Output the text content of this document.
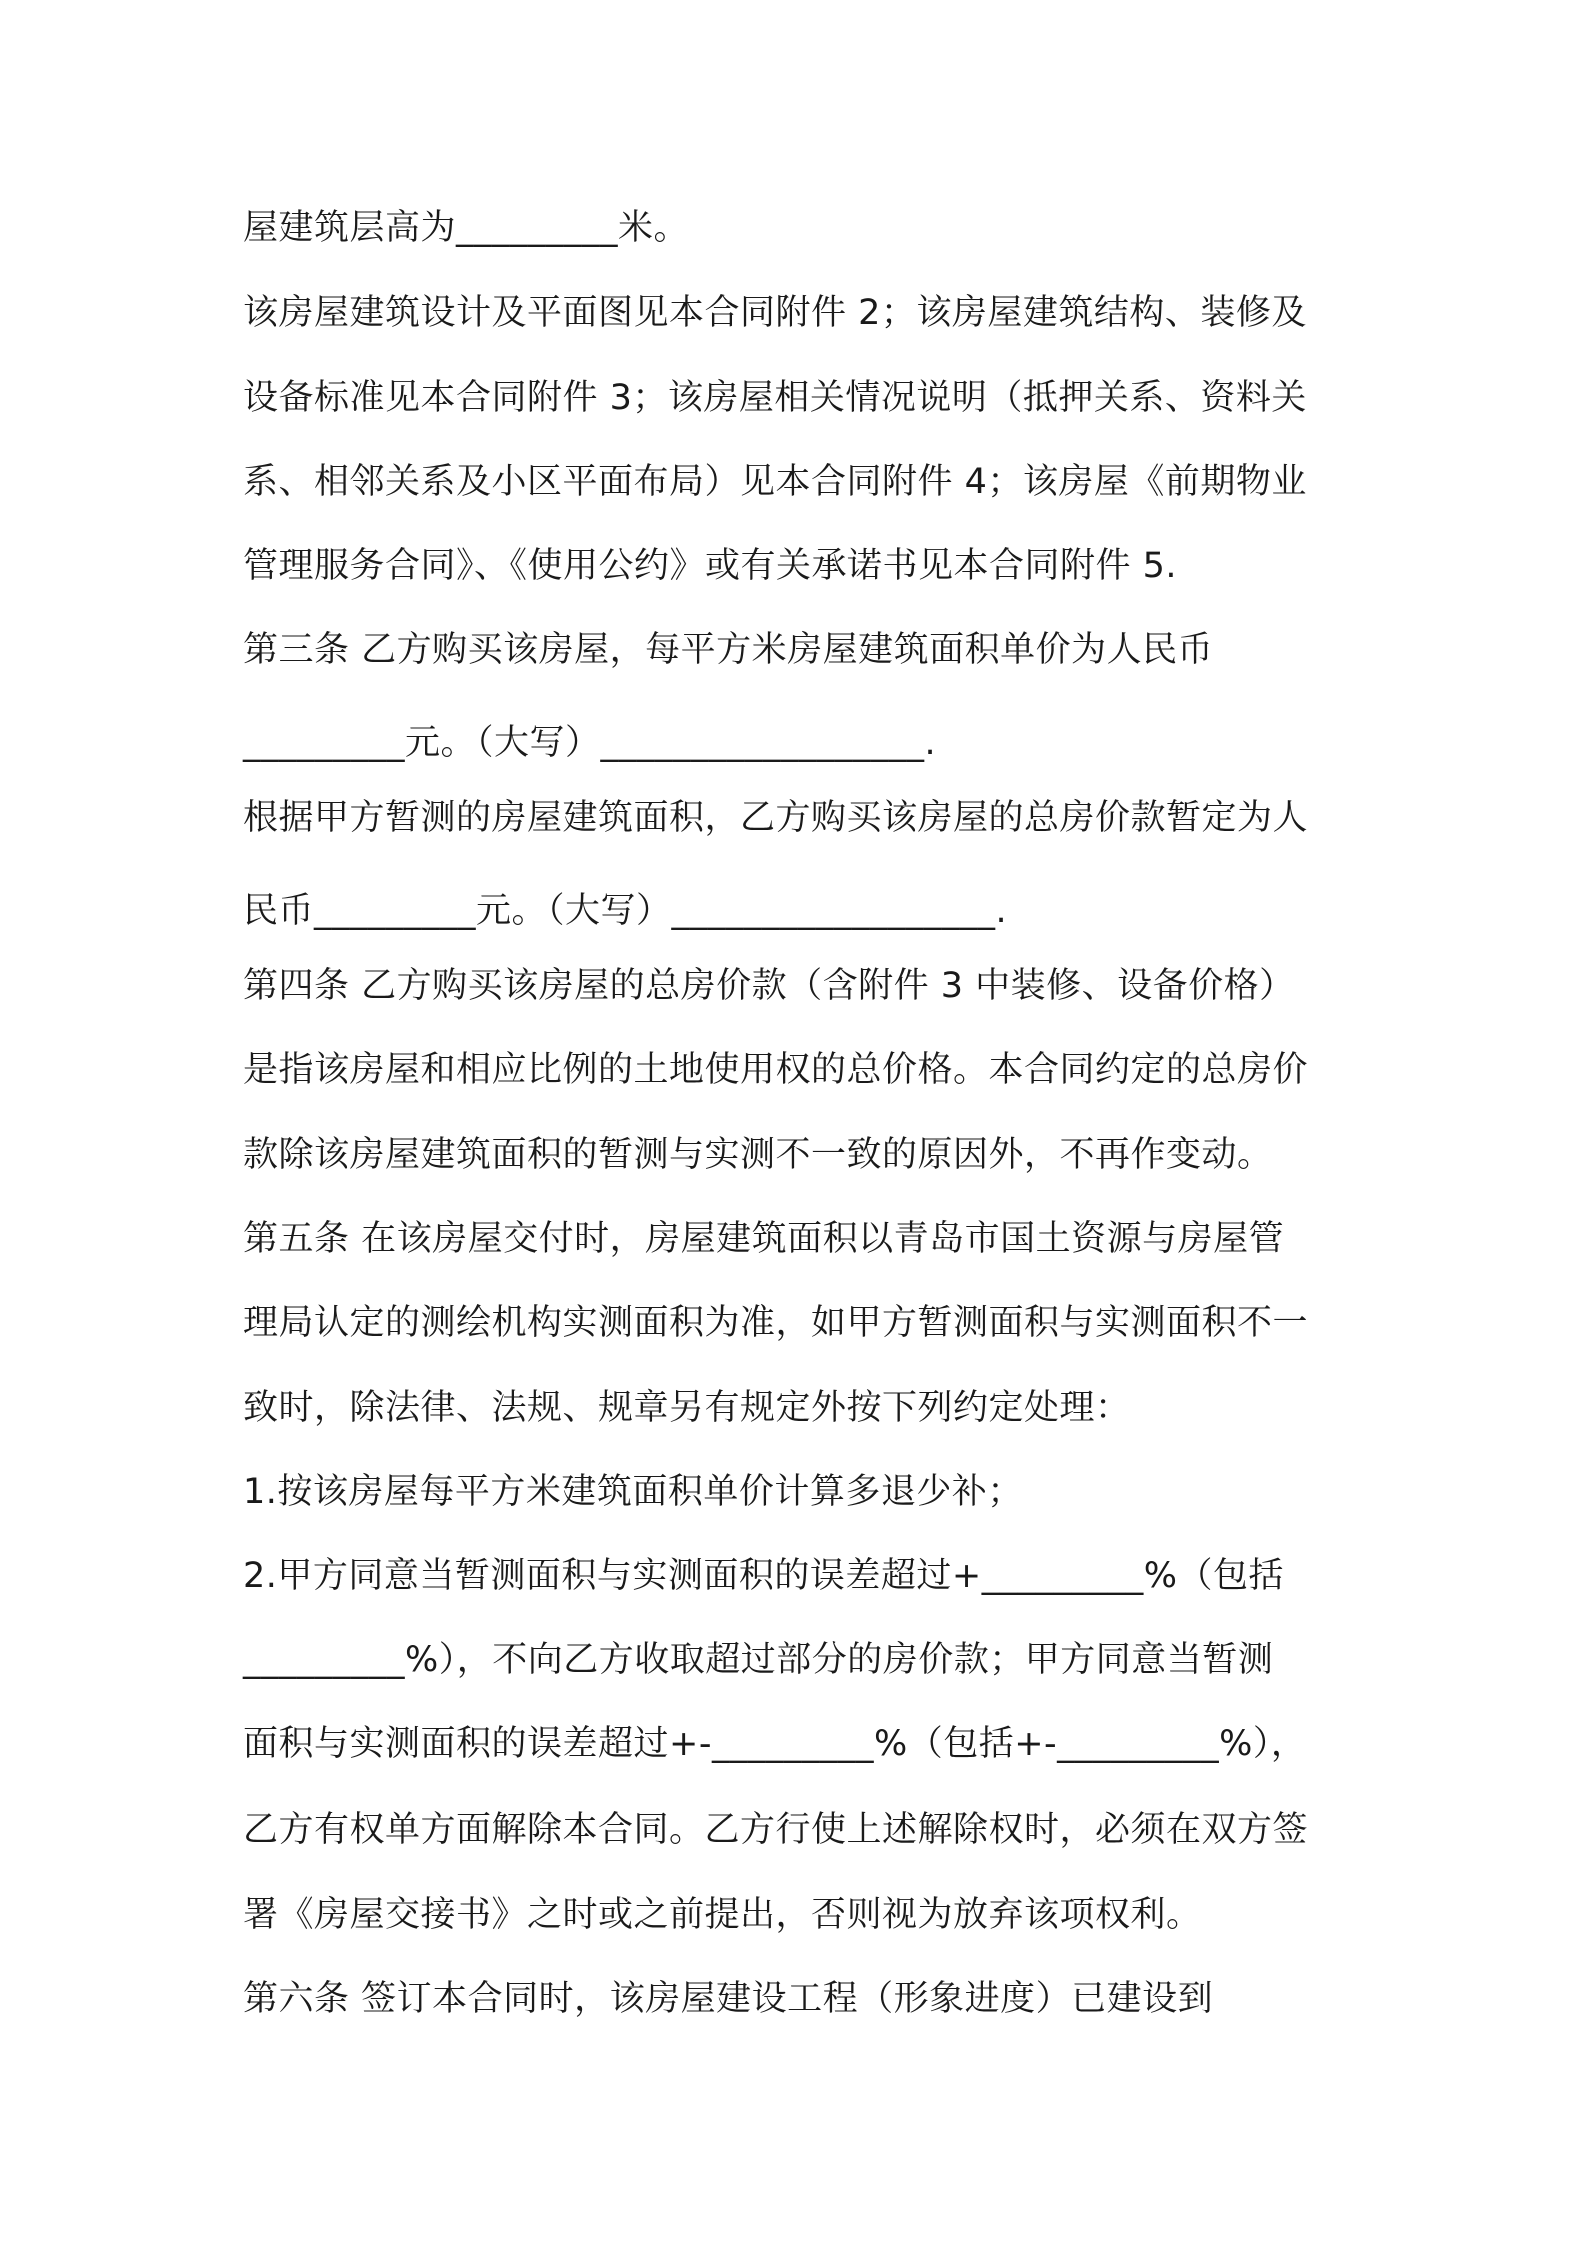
屋建筑层高为_________米。
该房屋建筑设计及平面图见本合同附件 2；该房屋建筑结构、装修及
设备标准见本合同附件 3；该房屋相关情况说明（抵押关系、资料关
系、相邻关系及小区平面布局）见本合同附件 4；该房屋《前期物业
管理服务合同》、《使用公约》或有关承诺书见本合同附件 5.
第三条 乙方购买该房屋，每平方米房屋建筑面积单价为人民币
_________元。（大写）__________________.
根据甲方暂测的房屋建筑面积，乙方购买该房屋的总房价款暂定为人
民币_________元。（大写）__________________.
第四条 乙方购买该房屋的总房价款（含附件 3 中装修、设备价格）
是指该房屋和相应比例的土地使用权的总价格。本合同约定的总房价
款除该房屋建筑面积的暂测与实测不一致的原因外，不再作变动。
第五条 在该房屋交付时，房屋建筑面积以青岛市国土资源与房屋管
理局认定的测绘机构实测面积为准，如甲方暂测面积与实测面积不一
致时，除法律、法规、规章另有规定外按下列约定处理：
1.按该房屋每平方米建筑面积单价计算多退少补；
2.甲方同意当暂测面积与实测面积的误差超过+_________%（包括
_________%），不向乙方收取超过部分的房价款；甲方同意当暂测
面积与实测面积的误差超过+-_________%（包括+-_________%），
乙方有权单方面解除本合同。乙方行使上述解除权时，必须在双方签
署《房屋交接书》之时或之前提出，否则视为放弃该项权利。
第六条 签订本合同时，该房屋建设工程（形象进度）已建设到
